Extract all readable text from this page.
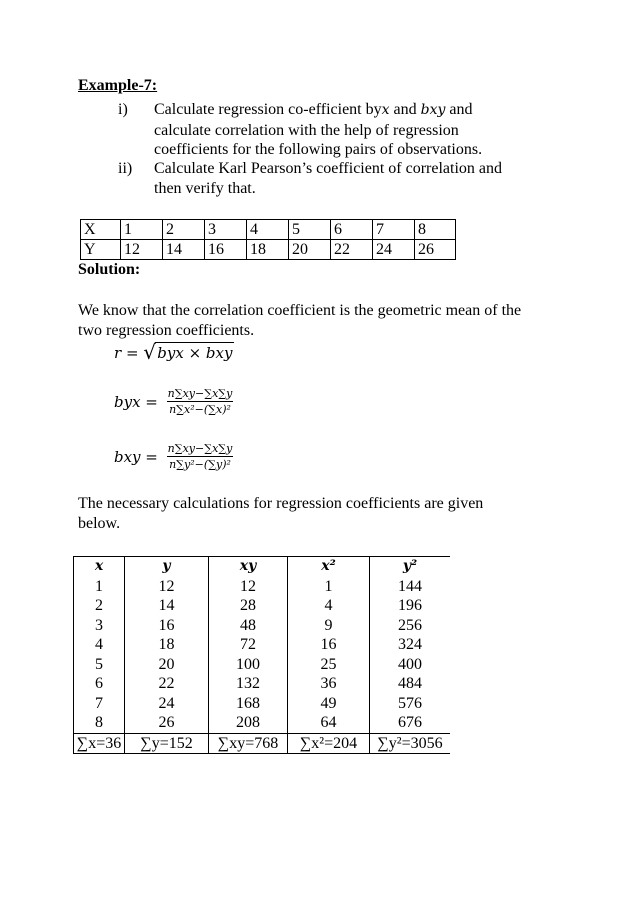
Example-7:
i) Calculate regression co-efficient byx and bxy and
calculate correlation with the help of regression
coefficients for the following pairs of observations.
ii) Calculate Karl Pearson’s coefficient of correlation and
then verify that.
X	1	2	3	4	5	6	7	8
Y	12	14	16	18	20	22	24	26
Solution:
We know that the correlation coefficient is the geometric mean of the
two regression coefficients.
r = √ byx × bxy
byx = $\frac{n\sum xy-\sum x\sum y}{\text{n∑x²−(∑x)²}}$
bxy = $\frac{n\sum xy-\sum x\sum y}{\text{n∑y²−(∑y)²}}$
The necessary calculations for regression coefficients are given
below.
x	y	xy	x²	y²
1	12	12	1	144
2	14	28	4	196
3	16	48	9	256
4	18	72	16	324
5	20	100	25	400
6	22	132	36	484
7	24	168	49	576
8	26	208	64	676
∑x=36	∑y=152	∑xy=768	∑x²=204	∑y²=3056
